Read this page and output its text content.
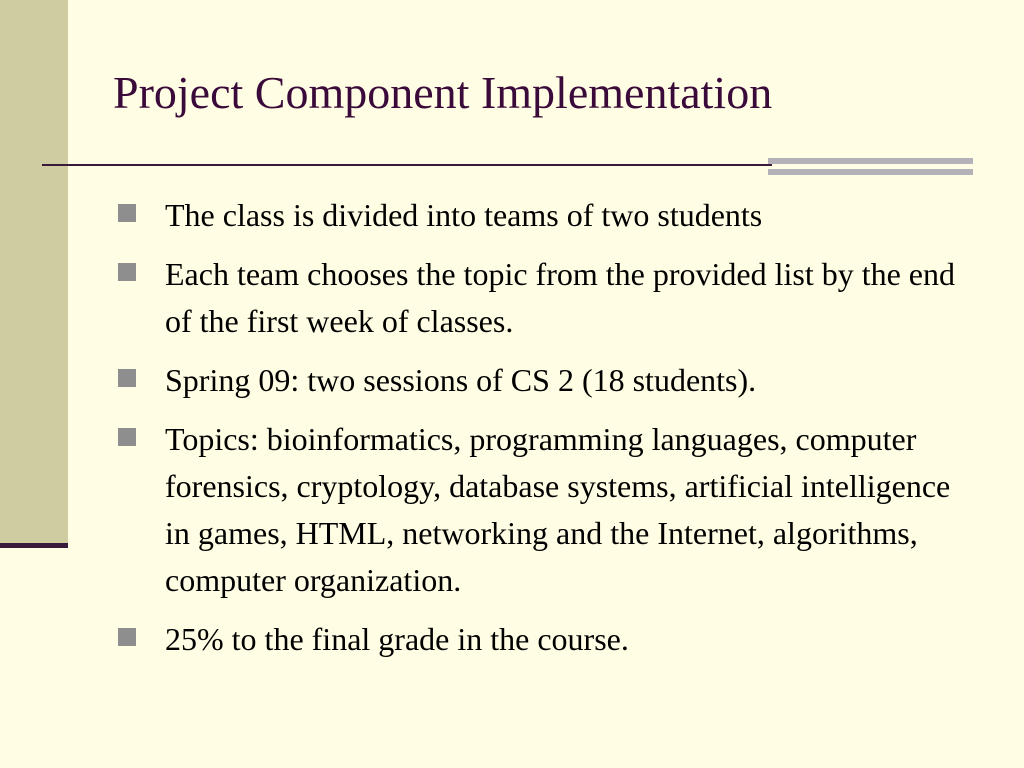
Project Component Implementation
The class is divided into teams of two students
Each team chooses the topic from the provided list by the end of the first week of classes.
Spring 09: two sessions of CS 2 (18 students).
Topics: bioinformatics, programming languages, computer forensics, cryptology, database systems, artificial intelligence in games, HTML, networking and the Internet, algorithms, computer organization.
25% to the final grade in the course.
